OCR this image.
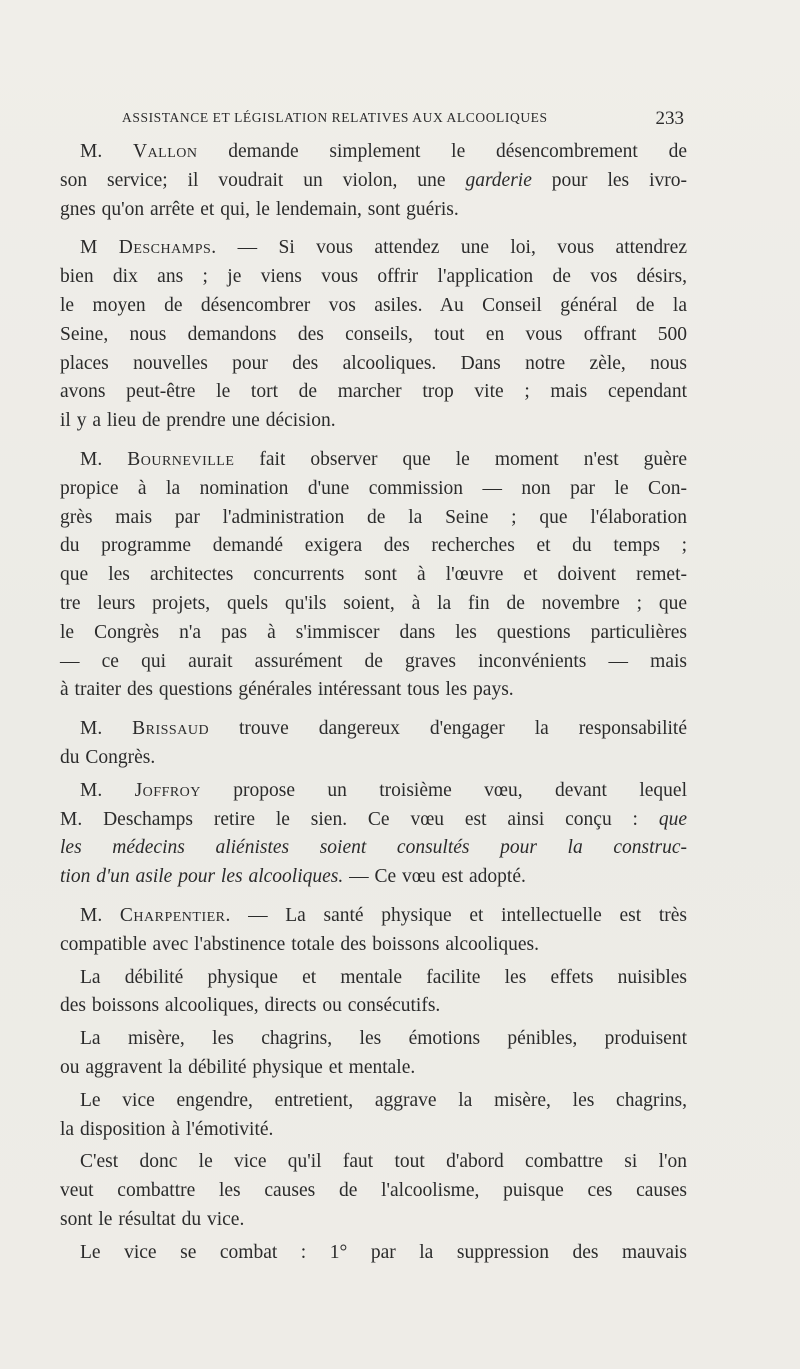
ASSISTANCE ET LÉGISLATION RELATIVES AUX ALCOOLIQUES	233

M. Vallon demande simplement le désencombrement de

son service; il voudrait un violon, une garderie pour les ivro-

gnes qu'on arrête et qui, le lendemain, sont guéris.

M Deschamps. — Si vous attendez une loi, vous attendrez

bien dix ans ; je viens vous offrir l'application de vos désirs,

le moyen de désencombrer vos asiles. Au Conseil général de la

Seine, nous demandons des conseils, tout en vous offrant 500

places nouvelles pour des alcooliques. Dans notre zèle, nous

avons peut-être le tort de marcher trop vite ; mais cependant

il y a lieu de prendre une décision.

M. Bourneville fait observer que le moment n'est guère

propice à la nomination d'une commission — non par le Con-

grès mais par l'administration de la Seine ; que l'élaboration

du programme demandé exigera des recherches et du temps ;

que les architectes concurrents sont à l'œuvre et doivent remet-

tre leurs projets, quels qu'ils soient, à la fin de novembre ; que

le Congrès n'a pas à s'immiscer dans les questions particulières

— ce qui aurait assurément de graves inconvénients — mais

à traiter des questions générales intéressant tous les pays.

M. Brissaud trouve dangereux d'engager la responsabilité

du Congrès.

M. Joffroy propose un troisième vœu, devant lequel

M. Deschamps retire le sien. Ce vœu est ainsi conçu : que

les médecins aliénistes soient consultés pour la construc-

tion d'un asile pour les alcooliques. — Ce vœu est adopté.

M. Charpentier. — La santé physique et intellectuelle est très

compatible avec l'abstinence totale des boissons alcooliques.

La débilité physique et mentale facilite les effets nuisibles

des boissons alcooliques, directs ou consécutifs.

La misère, les chagrins, les émotions pénibles, produisent

ou aggravent la débilité physique et mentale.

Le vice engendre, entretient, aggrave la misère, les chagrins,

la disposition à l'émotivité.

C'est donc le vice qu'il faut tout d'abord combattre si l'on

veut combattre les causes de l'alcoolisme, puisque ces causes

sont le résultat du vice.

Le vice se combat : 1° par la suppression des mauvais
